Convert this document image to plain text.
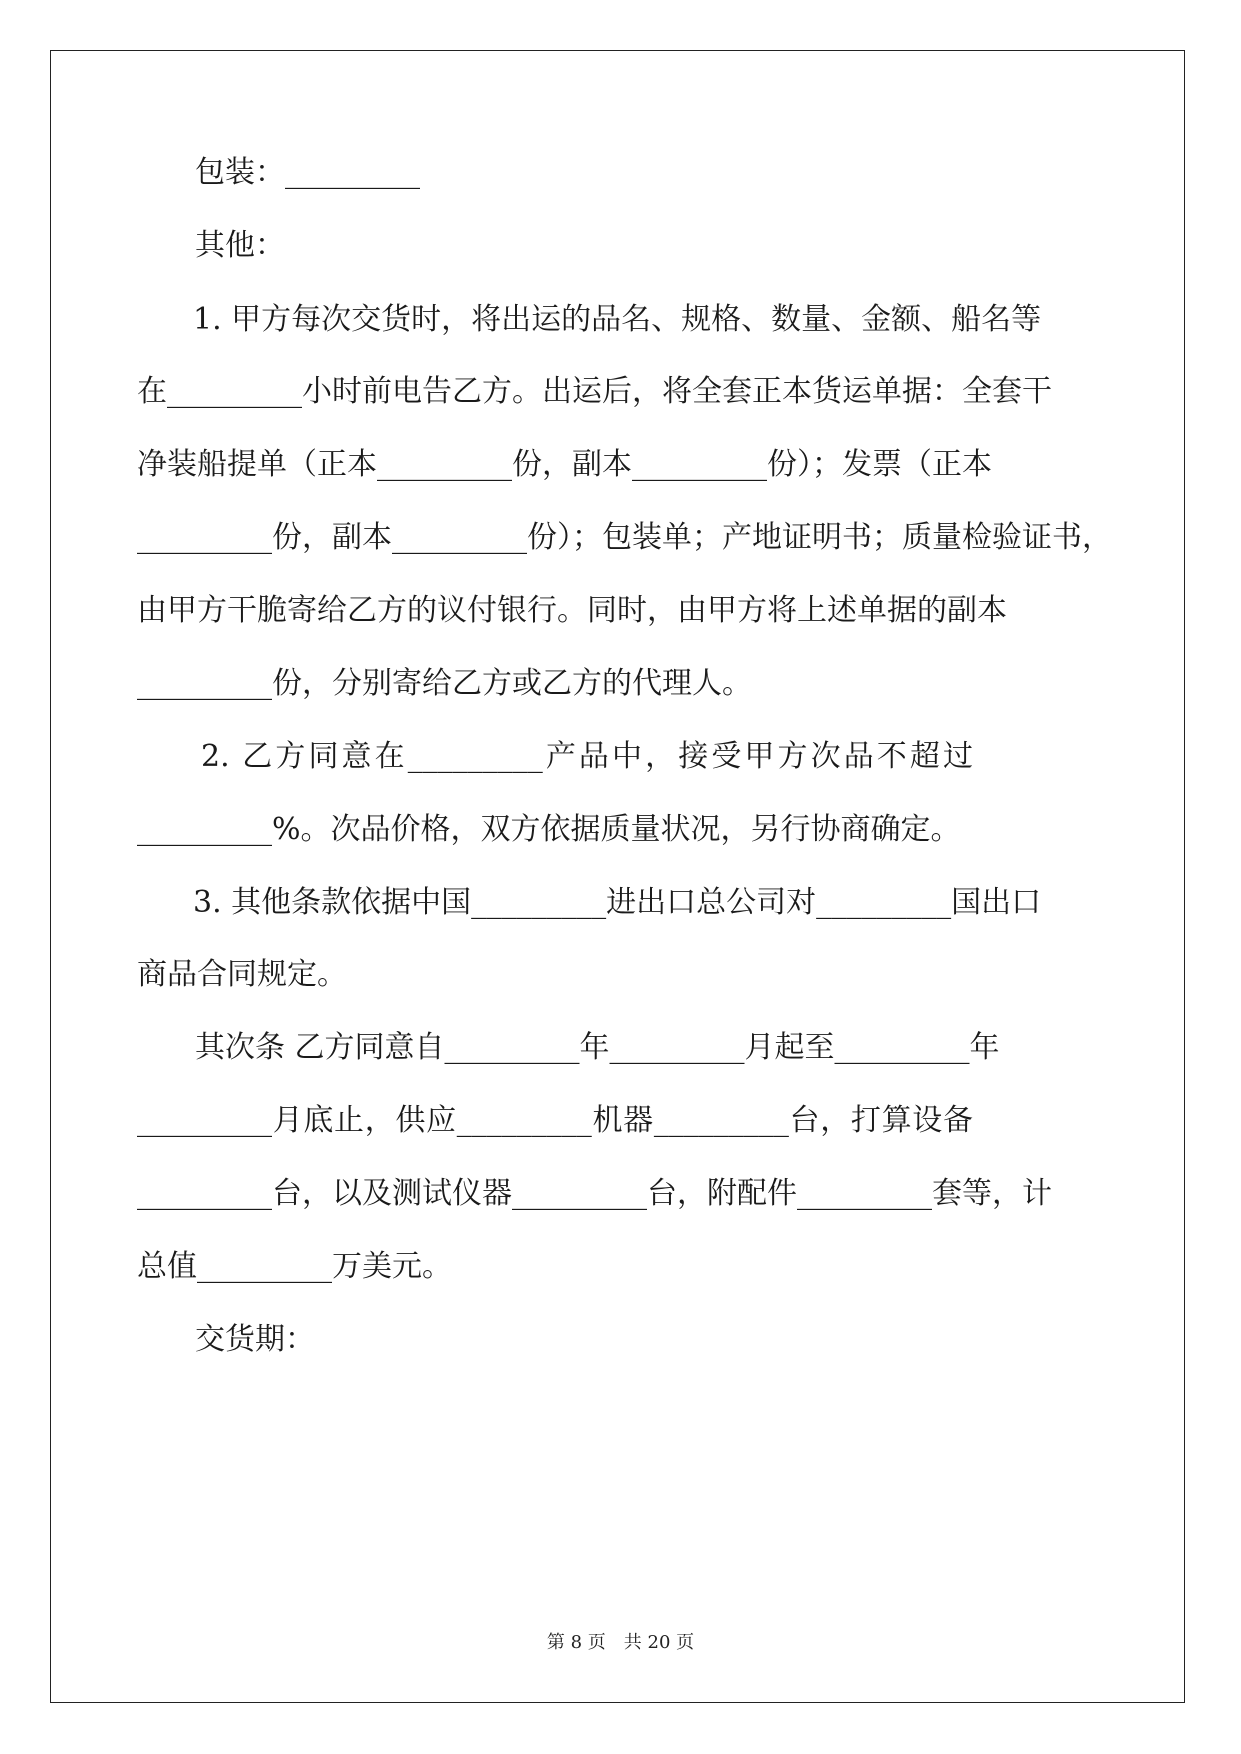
包装：_________
其他：
1. 甲方每次交货时，将出运的品名、规格、数量、金额、船名等
在_________小时前电告乙方。出运后，将全套正本货运单据：全套干
净装船提单（正本_________份，副本_________份）；发票（正本
_________份，副本_________份）；包装单；产地证明书；质量检验证书，
由甲方干脆寄给乙方的议付银行。同时，由甲方将上述单据的副本
_________份，分别寄给乙方或乙方的代理人。
2. 乙方同意在_________产品中，接受甲方次品不超过
_________%。次品价格，双方依据质量状况，另行协商确定。
3. 其他条款依据中国_________进出口总公司对_________国出口
商品合同规定。
其次条 乙方同意自_________年_________月起至_________年
_________月底止，供应_________机器_________台，打算设备
_________台，以及测试仪器_________台，附配件_________套等，计
总值_________万美元。
交货期：
第 8 页　共 20 页
